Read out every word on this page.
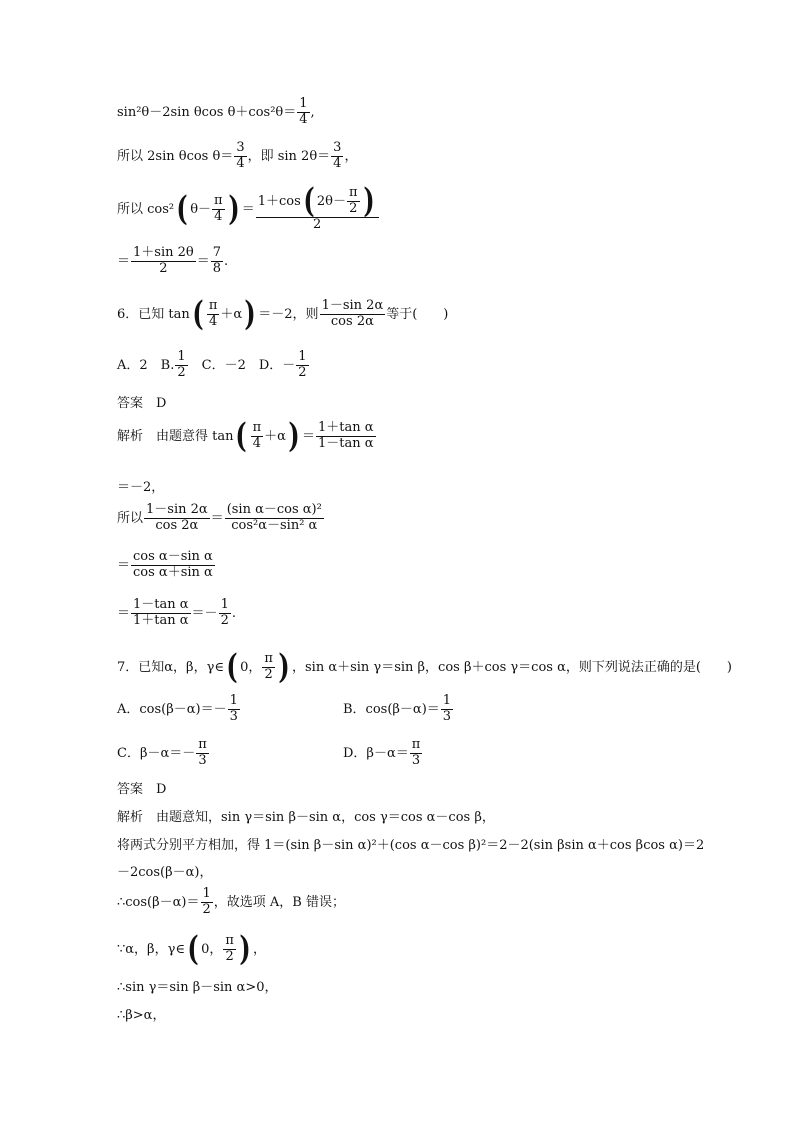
sin²θ－2sin θcos $\theta+\cos^2\theta= \frac{1}{4}$ ,
所以 2sin θcos $\theta= \frac{3}{4}$ ，即 $\sin 2\theta= \frac{3}{4}$ ，
所以 cos²( $\theta- \frac{\pi}{4}$ ) ＝ $\frac{1+\cos( 2\theta- \frac{\pi}{2} )}{2}$
＝ $\frac{1+\sin 2\theta}{2} = \frac{7}{8}$ .
6．已知 $\tan( \frac{\pi}{4} +\alpha) =-2$，则 $\frac{1-\sin 2\alpha}{\cos 2\alpha}$ 等于(　　)
A．2　B. $\frac{1}{2}$ 　C．－2　D．－ $\frac{1}{2}$
答案　D
解析　由题意得 $\tan( \frac{\pi}{4} +\alpha) = \frac{\text{1＋tan α}}{\text{1－tan α}}$
＝－2，
所以 $\frac{1-\sin 2\alpha}{\cos 2\alpha} = \frac{\text{(sin α－cos α)²}}{\text{cos²α－sin² α}}$
＝ $\frac{\text{cos α－sin α}}{\text{cos α＋sin α}}$
＝ $\frac{\text{1－tan α}}{\text{1＋tan α}} =- \frac{1}{2}$ .
7．已知α，β，γ∈( 0， $\frac{\pi}{2}$ ) ，sin α＋sin γ＝sin β，cos β＋cos γ＝cos α，则下列说法正确的是(　　)
A．$\cos(\beta-\alpha)=- \frac{1}{3}$	B．$\cos(\beta-\alpha)= \frac{1}{3}$
C．$\beta-\alpha=- \frac{\pi}{3}$	D．$\beta-\alpha= \frac{\pi}{3}$
答案　D
解析　由题意知，sin γ＝sin β－sin α，cos γ＝cos α－cos β，
将两式分别平方相加，得 1＝(sin β－sin α)²＋(cos α－cos β)²＝2－2(sin βsin α＋cos βcos α)＝2
－2cos(β－α)，
∴cos(β－α)＝ $\frac{1}{2}$ ，故选项 A，B 错误；
∵α，β，γ∈( 0， $\frac{\pi}{2}$ ) ，
∴sin γ＝sin β－sin α>0，
∴β>α，
